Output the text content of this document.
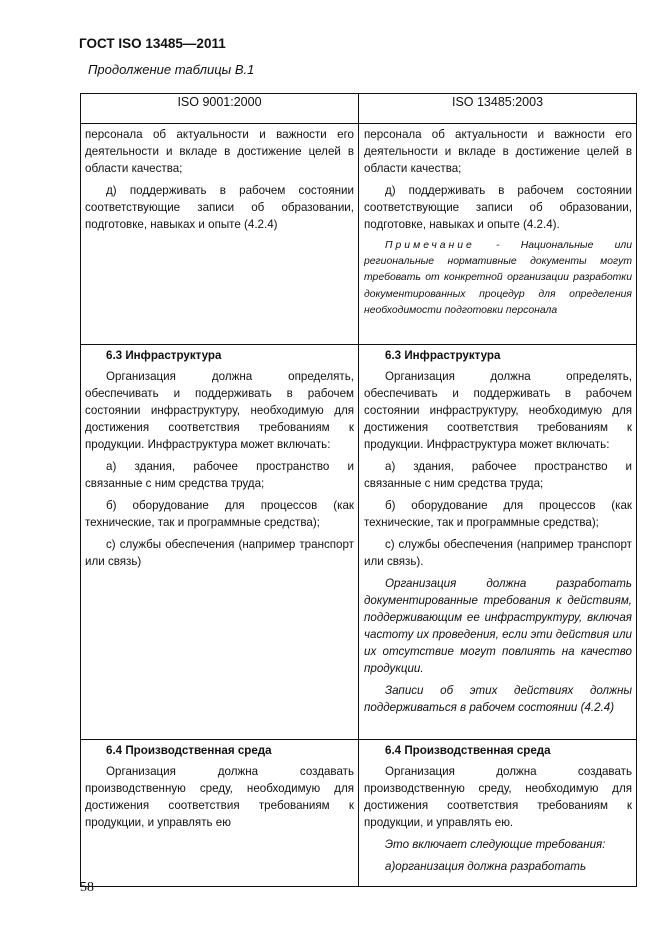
ГОСТ ISO 13485—2011
Продолжение таблицы В.1
ISO 9001:2000	ISO 13485:2003

персонала об актуальности и важности его деятельности и вкладе в достижение целей в области качества;

д) поддерживать в рабочем состоянии соответствующие записи об образовании, подготовке, навыках и опыте (4.2.4)

персонала об актуальности и важности его деятельности и вкладе в достижение целей в области качества;

д) поддерживать в рабочем состоянии соответствующие записи об образовании, подготовке, навыках и опыте (4.2.4).

Примечание - Национальные или региональные нормативные документы могут требовать от конкретной организации разработки документированных процедур для определения необходимости подготовки персонала

6.3 Инфраструктура

Организация должна определять, обеспечивать и поддерживать в рабочем состоянии инфраструктуру, необходимую для достижения соответствия требованиям к продукции. Инфраструктура может включать:

а) здания, рабочее пространство и связанные с ним средства труда;

б) оборудование для процессов (как технические, так и программные средства);

с) службы обеспечения (например транспорт или связь)

6.3 Инфраструктура

Организация должна определять, обеспечивать и поддерживать в рабочем состоянии инфраструктуру, необходимую для достижения соответствия требованиям к продукции. Инфраструктура может включать:

а) здания, рабочее пространство и связанные с ним средства труда;

б) оборудование для процессов (как технические, так и программные средства);

с) службы обеспечения (например транспорт или связь).

Организация должна разработать документированные требования к действиям, поддерживающим ее инфраструктуру, включая частоту их проведения, если эти действия или их отсутствие могут повлиять на качество продукции.

Записи об этих действиях должны поддерживаться в рабочем состоянии (4.2.4)

6.4 Производственная среда

Организация должна создавать производственную среду, необходимую для достижения соответствия требованиям к продукции, и управлять ею

6.4 Производственная среда

Организация должна создавать производственную среду, необходимую для достижения соответствия требованиям к продукции, и управлять ею.

Это включает следующие требования:

а)организация должна разработать

58
